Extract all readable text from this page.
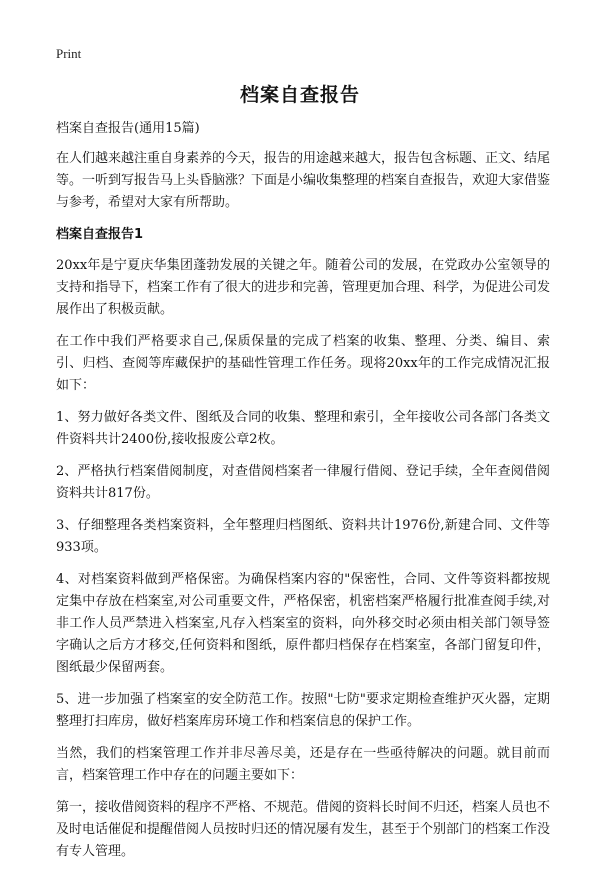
Print
档案自查报告

档案自查报告(通用15篇)

在人们越来越注重自身素养的今天，报告的用途越来越大，报告包含标题、正文、结尾等。一听到写报告马上头昏脑涨？下面是小编收集整理的档案自查报告，欢迎大家借鉴与参考，希望对大家有所帮助。

档案自查报告1

20xx年是宁夏庆华集团蓬勃发展的关键之年。随着公司的发展，在党政办公室领导的支持和指导下，档案工作有了很大的进步和完善，管理更加合理、科学，为促进公司发展作出了积极贡献。

在工作中我们严格要求自己,保质保量的完成了档案的收集、整理、分类、编目、索引、归档、查阅等库藏保护的基础性管理工作任务。现将20xx年的工作完成情况汇报如下：

1、努力做好各类文件、图纸及合同的收集、整理和索引，全年接收公司各部门各类文件资料共计2400份,接收报废公章2枚。

2、严格执行档案借阅制度，对查借阅档案者一律履行借阅、登记手续，全年查阅借阅资料共计817份。

3、仔细整理各类档案资料，全年整理归档图纸、资料共计1976份,新建合同、文件等933项。

4、对档案资料做到严格保密。为确保档案内容的"保密性，合同、文件等资料都按规定集中存放在档案室,对公司重要文件，严格保密，机密档案严格履行批准查阅手续,对非工作人员严禁进入档案室,凡存入档案室的资料，向外移交时必须由相关部门领导签字确认之后方才移交,任何资料和图纸，原件都归档保存在档案室，各部门留复印件，图纸最少保留两套。

5、进一步加强了档案室的安全防范工作。按照"七防"要求定期检查维护灭火器，定期整理打扫库房，做好档案库房环境工作和档案信息的保护工作。

当然，我们的档案管理工作并非尽善尽美，还是存在一些亟待解决的问题。就目前而言，档案管理工作中存在的问题主要如下：

第一，接收借阅资料的程序不严格、不规范。借阅的资料长时间不归还，档案人员也不及时电话催促和提醒借阅人员按时归还的情况屡有发生，甚至于个别部门的档案工作没有专人管理。
